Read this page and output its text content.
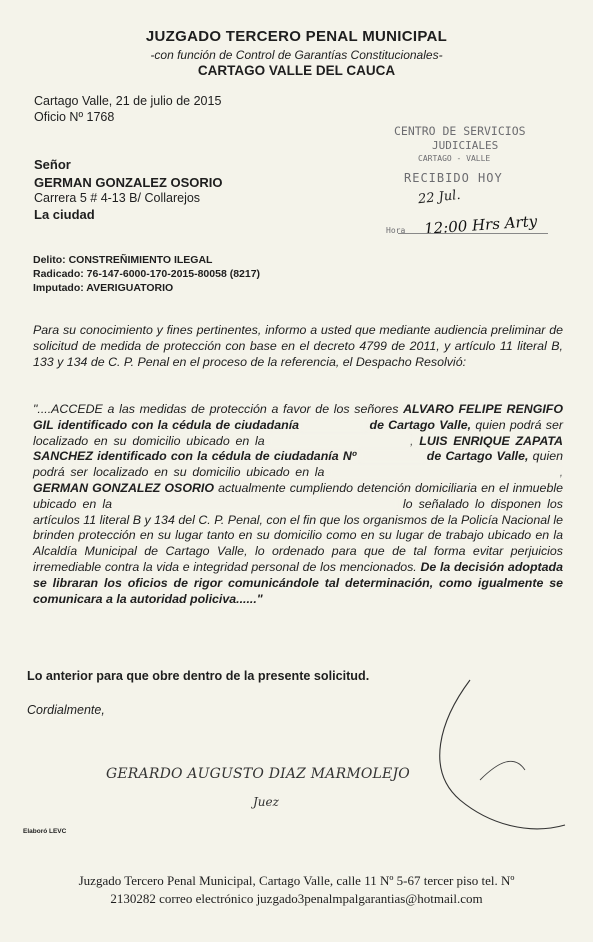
JUZGADO TERCERO PENAL MUNICIPAL
-con función de Control de Garantías Constitucionales-
CARTAGO VALLE DEL CAUCA
Cartago Valle, 21 de julio de 2015
Oficio Nº 1768
CENTRO DE SERVICIOS
JUDICIALES
CARTAGO - VALLE
RECIBIDO HOY
22 Jul.
Hora 12:00 Hrs Arty
Señor
GERMAN GONZALEZ OSORIO
Carrera 5 # 4-13 B/ Collarejos
La ciudad
Delito: CONSTREÑIMIENTO ILEGAL
Radicado: 76-147-6000-170-2015-80058 (8217)
Imputado: AVERIGUATORIO
Para su conocimiento y fines pertinentes, informo a usted que mediante audiencia preliminar de solicitud de medida de protección con base en el decreto 4799 de 2011, y artículo 11 literal B, 133 y 134 de C. P. Penal en el proceso de la referencia, el Despacho Resolvió:
"....ACCEDE a las medidas de protección a favor de los señores ALVARO FELIPE RENGIFO GIL identificado con la cédula de ciudadanía	de Cartago Valle, quien podrá ser localizado en su domicilio ubicado en la	, LUIS ENRIQUE ZAPATA SANCHEZ identificado con la cédula de ciudadanía Nº	de Cartago Valle, quien podrá ser localizado en su domicilio ubicado en la	, GERMAN GONZALEZ OSORIO actualmente cumpliendo detención domiciliaria en el inmueble ubicado en la	lo señalado lo disponen los artículos 11 literal B y 134 del C. P. Penal, con el fin que los organismos de la Policía Nacional le brinden protección en su lugar tanto en su domicilio como en su lugar de trabajo ubicado en la Alcaldía Municipal de Cartago Valle, lo ordenado para que de tal forma evitar perjuicios irremediable contra la vida e integridad personal de los mencionados. De la decisión adoptada se libraran los oficios de rigor comunicándole tal determinación, como igualmente se comunicara a la autoridad policiva......"
Lo anterior para que obre dentro de la presente solicitud.
Cordialmente,
GERARDO AUGUSTO DIAZ MARMOLEJO
Juez
Elaboró LEVC
Juzgado Tercero Penal Municipal, Cartago Valle, calle 11 Nº 5-67 tercer piso tel. Nº
2130282 correo electrónico juzgado3penalmpalgarantias@hotmail.com
